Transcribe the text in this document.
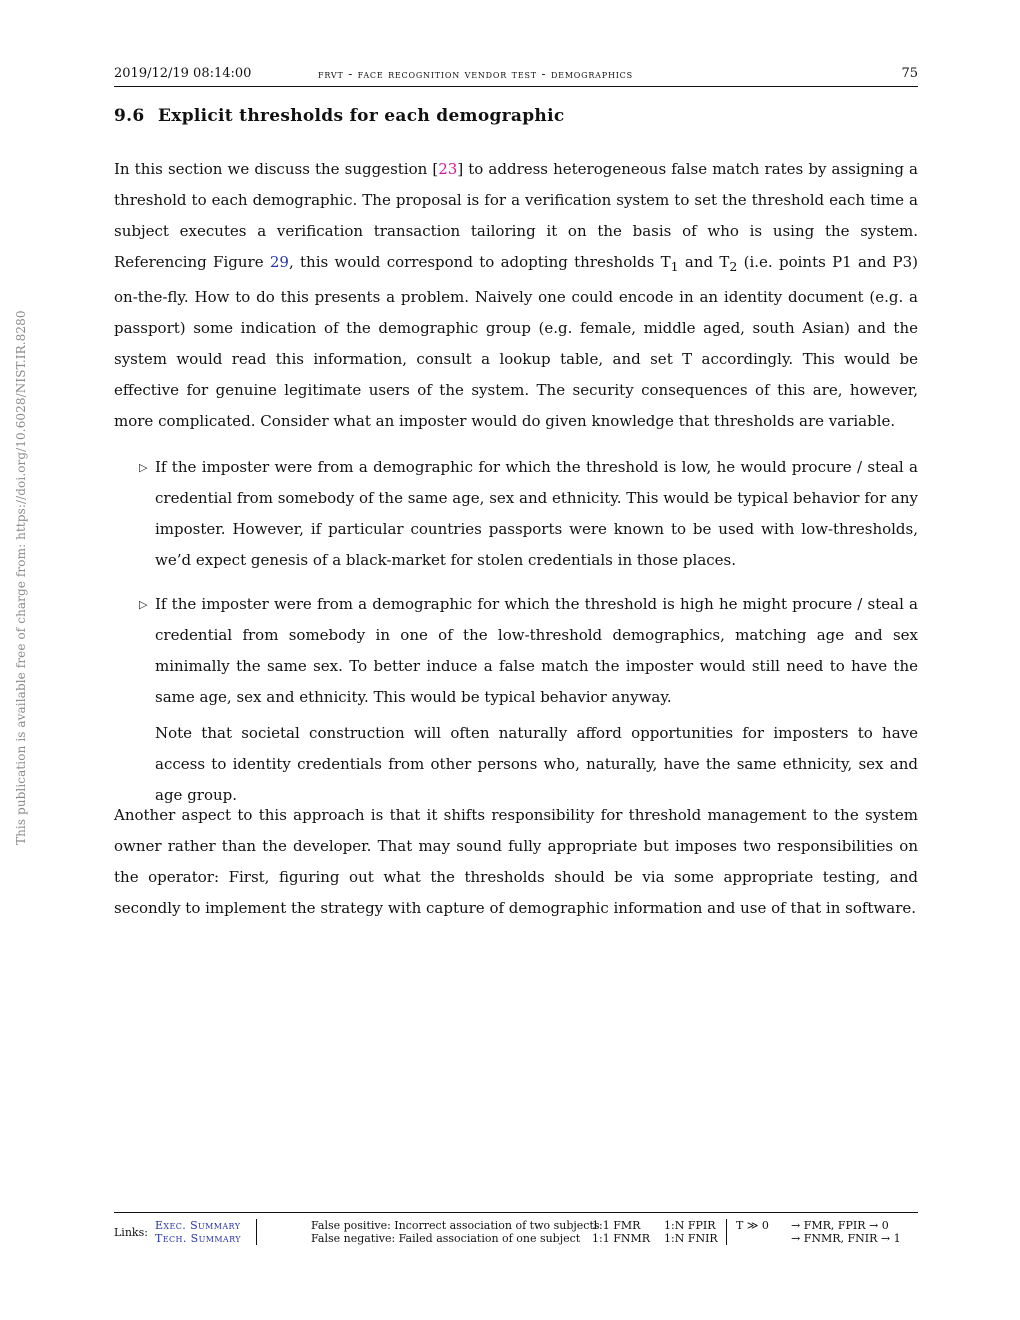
2019/12/19 08:14:00	frvt - face recognition vendor test - demographics	75
9.6 Explicit thresholds for each demographic

In this section we discuss the suggestion [23] to address heterogeneous false match rates by assigning a threshold to each demographic. The proposal is for a verification system to set the threshold each time a subject executes a verification transaction tailoring it on the basis of who is using the system. Referencing Figure 29, this would correspond to adopting thresholds $T_1$ and $T_2$ (i.e. points P1 and P3) on-the-fly. How to do this presents a problem. Naively one could encode in an identity document (e.g. a passport) some indication of the demographic group (e.g. female, middle aged, south Asian) and the system would read this information, consult a lookup table, and set T accordingly. This would be effective for genuine legitimate users of the system. The security consequences of this are, however, more complicated. Consider what an imposter would do given knowledge that thresholds are variable.

▷ If the imposter were from a demographic for which the threshold is low, he would procure / steal a credential from somebody of the same age, sex and ethnicity. This would be typical behavior for any imposter. However, if particular countries passports were known to be used with low-thresholds, we’d expect genesis of a black-market for stolen credentials in those places.

▷ If the imposter were from a demographic for which the threshold is high he might procure / steal a credential from somebody in one of the low-threshold demographics, matching age and sex minimally the same sex. To better induce a false match the imposter would still need to have the same age, sex and ethnicity. This would be typical behavior anyway.

Note that societal construction will often naturally afford opportunities for imposters to have access to identity credentials from other persons who, naturally, have the same ethnicity, sex and age group.

Another aspect to this approach is that it shifts responsibility for threshold management to the system owner rather than the developer. That may sound fully appropriate but imposes two responsibilities on the operator: First, figuring out what the thresholds should be via some appropriate testing, and secondly to implement the strategy with capture of demographic information and use of that in software.

This publication is available free of charge from: https://doi.org/10.6028/NIST.IR.8280
Links:
Exec. Summary
Tech. Summary
False positive: Incorrect association of two subjects
False negative: Failed association of one subject
1:1 FMR
1:1 FNMR
1:N FPIR
1:N FNIR
T ≫ 0 → FMR, FPIR → 0
→ FNMR, FNIR → 1
